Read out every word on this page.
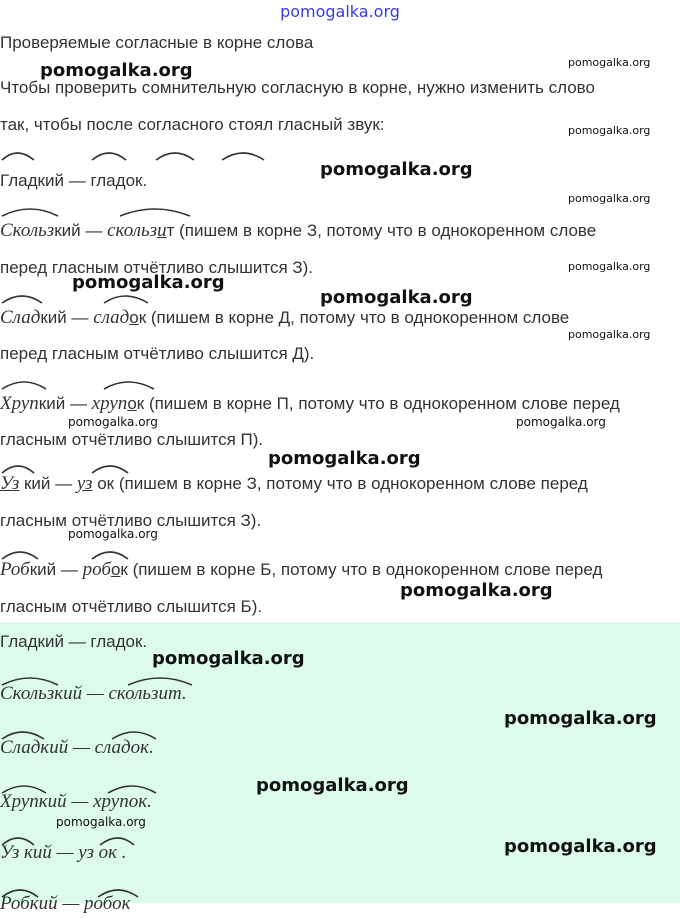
pomogalka.org
Проверяемые согласные в корне слова
Чтобы проверить сомнительную согласную в корне, нужно изменить слово
так, чтобы после согласного стоял гласный звук:
Гладкий — гладок.
Скользкий — скользит (пишем в корне З, потому что в однокоренном слове
перед гласным отчётливо слышится З).
Сладкий — сладок (пишем в корне Д, потому что в однокоренном слове
перед гласным отчётливо слышится Д).
Хрупкий — хрупок (пишем в корне П, потому что в однокоренном слове перед
гласным отчётливо слышится П).
Уз кий — уз ок (пишем в корне З, потому что в однокоренном слове перед
гласным отчётливо слышится З).
Робкий — робок (пишем в корне Б, потому что в однокоренном слове перед
гласным отчётливо слышится Б).
Гладкий — гладок.
Скользкий — скользит.
Сладкий — сладок.
Хрупкий — хрупок.
Уз кий — уз ок .
Робкий — робок
pomogalka.org	pomogalka.org
pomogalka.org
pomogalka.org
pomogalka.org
pomogalka.org
pomogalka.org
pomogalka.org
pomogalka.org
pomogalka.org	pomogalka.org
pomogalka.org
pomogalka.org
pomogalka.org
pomogalka.org
pomogalka.org
pomogalka.org
pomogalka.org
pomogalka.org
